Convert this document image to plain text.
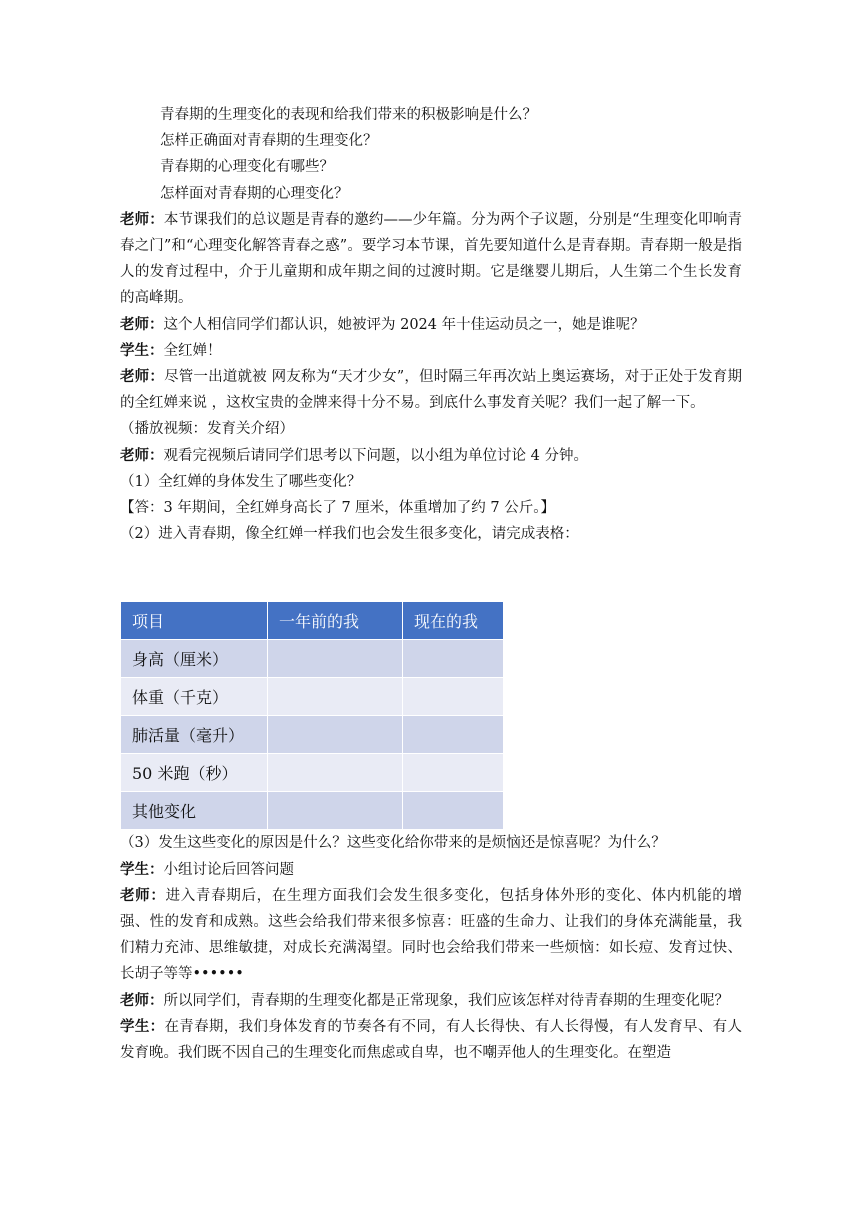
青春期的生理变化的表现和给我们带来的积极影响是什么？
怎样正确面对青春期的生理变化？
青春期的心理变化有哪些？
怎样面对青春期的心理变化？
老师：本节课我们的总议题是青春的邀约——少年篇。分为两个子议题，分别是“生理变化叩响青春之门”和“心理变化解答青春之惑”。要学习本节课，首先要知道什么是青春期。青春期一般是指人的发育过程中，介于儿童期和成年期之间的过渡时期。它是继婴儿期后，人生第二个生长发育的高峰期。
老师：这个人相信同学们都认识，她被评为 2024 年十佳运动员之一，她是谁呢？
学生：全红婵！
老师：尽管一出道就被 网友称为“天才少女”，但时隔三年再次站上奥运赛场，对于正处于发育期的全红婵来说 ，这枚宝贵的金牌来得十分不易。到底什么事发育关呢？我们一起了解一下。
（播放视频：发育关介绍）
老师：观看完视频后请同学们思考以下问题，以小组为单位讨论 4 分钟。
（1）全红婵的身体发生了哪些变化？
【答：3 年期间，全红婵身高长了 7 厘米，体重增加了约 7 公斤。】
（2）进入青春期，像全红婵一样我们也会发生很多变化，请完成表格：
项目	一年前的我	现在的我
身高（厘米）		
体重（千克）		
肺活量（毫升）		
50 米跑（秒）		
其他变化		
（3）发生这些变化的原因是什么？这些变化给你带来的是烦恼还是惊喜呢？为什么？
学生：小组讨论后回答问题
老师：进入青春期后，在生理方面我们会发生很多变化，包括身体外形的变化、体内机能的增强、性的发育和成熟。这些会给我们带来很多惊喜：旺盛的生命力、让我们的身体充满能量，我们精力充沛、思维敏捷，对成长充满渴望。同时也会给我们带来一些烦恼：如长痘、发育过快、长胡子等等••••••
老师：所以同学们，青春期的生理变化都是正常现象，我们应该怎样对待青春期的生理变化呢？
学生：在青春期，我们身体发育的节奏各有不同，有人长得快、有人长得慢，有人发育早、有人发育晚。我们既不因自己的生理变化而焦虑或自卑，也不嘲弄他人的生理变化。在塑造
